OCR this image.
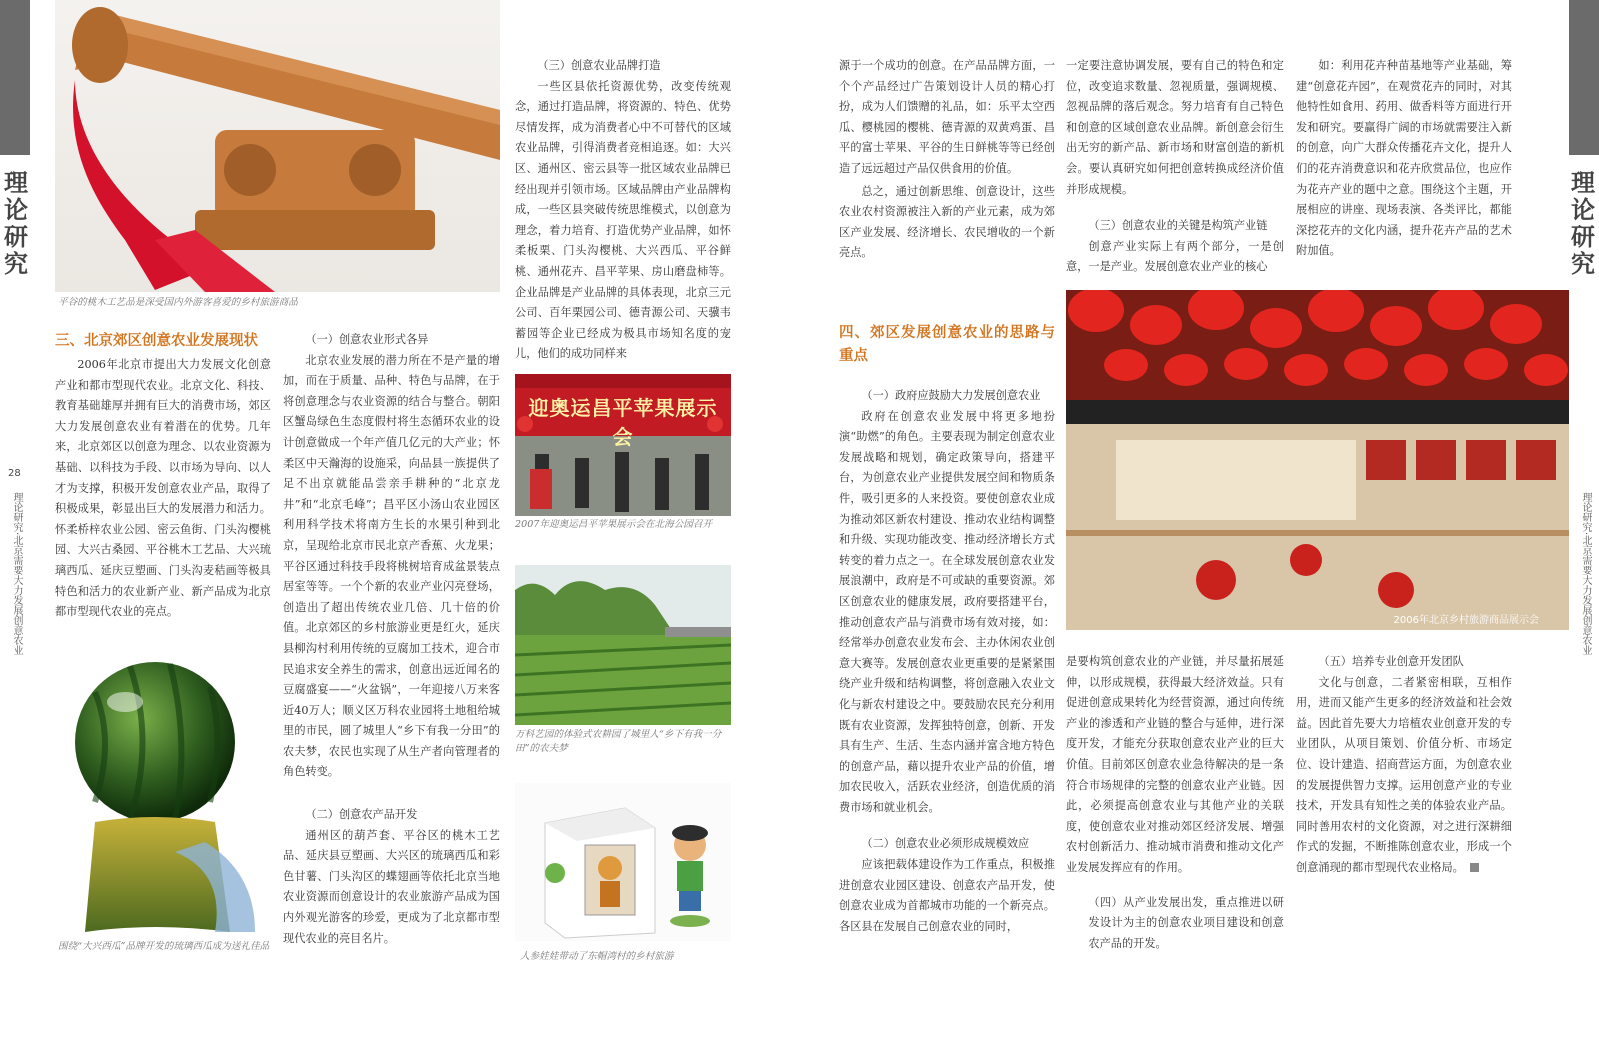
理论研究
28
理论研究·北京需要大力发展创意农业
理论研究
理论研究·北京需要大力发展创意农业
平谷的桃木工艺品是深受国内外游客喜爱的乡村旅游商品
围绕“大兴西瓜”品牌开发的琉璃西瓜成为送礼佳品
迎奥运昌平苹果展示会
2007年迎奥运昌平苹果展示会在北海公园召开
万科艺园的体验式农耕园了城里人“乡下有我一分田”的农夫梦
人参娃娃带动了东帽湾村的乡村旅游
三、北京郊区创意农业发展现状

2006年北京市提出大力发展文化创意产业和都市型现代农业。北京文化、科技、教育基础雄厚并拥有巨大的消费市场，郊区大力发展创意农业有着潜在的优势。几年来，北京郊区以创意为理念、以农业资源为基础、以科技为手段、以市场为导向、以人才为支撑，积极开发创意农业产品，取得了积极成果，彰显出巨大的发展潜力和活力。怀柔桥梓农业公园、密云鱼街、门头沟樱桃园、大兴古桑园、平谷桃木工艺品、大兴琉璃西瓜、延庆豆塑画、门头沟麦秸画等极具特色和活力的农业新产业、新产品成为北京都市型现代农业的亮点。

（一）创意农业形式各异

北京农业发展的潜力所在不是产量的增加，而在于质量、品种、特色与品牌，在于将创意理念与农业资源的结合与整合。朝阳区蟹岛绿色生态度假村将生态循环农业的设计创意做成一个年产值几亿元的大产业；怀柔区中天瀚海的设施采，向品县一族提供了足不出京就能品尝亲手耕种的“北京龙井”和“北京毛峰”；昌平区小汤山农业园区利用科学技术将南方生长的水果引种到北京，呈现给北京市民北京产香蕉、火龙果；平谷区通过科技手段将桃树培育成盆景装点居室等等。一个个新的农业产业闪亮登场，创造出了超出传统农业几倍、几十倍的价值。北京郊区的乡村旅游业更是红火，延庆县柳沟村利用传统的豆腐加工技术，迎合市民追求安全养生的需求，创意出远近闻名的豆腐盛宴——“火盆锅”，一年迎接八万来客近40万人；顺义区万科农业园将土地租给城里的市民，圆了城里人“乡下有我一分田”的农夫梦，农民也实现了从生产者向管理者的角色转变。

（二）创意农产品开发

通州区的葫芦套、平谷区的桃木工艺品、延庆县豆塑画、大兴区的琉璃西瓜和彩色甘薯、门头沟区的蝶翅画等依托北京当地农业资源而创意设计的农业旅游产品成为国内外观光游客的珍爱，更成为了北京都市型现代农业的亮目名片。

（三）创意农业品牌打造

一些区县依托资源优势，改变传统观念，通过打造品牌，将资源的、特色、优势尽情发挥，成为消费者心中不可替代的区域农业品牌，引得消费者竞相追逐。如：大兴区、通州区、密云县等一批区域农业品牌已经出现并引领市场。区域品牌由产业品牌构成，一些区县突破传统思维模式，以创意为理念，着力培育、打造优势产业品牌，如怀柔板栗、门头沟樱桃、大兴西瓜、平谷鲜桃、通州花卉、昌平苹果、房山磨盘柿等。企业品牌是产业品牌的具体表现，北京三元公司、百年栗园公司、德青源公司、天骥韦蓄园等企业已经成为极具市场知名度的宠儿，他们的成功同样来

源于一个成功的创意。在产品品牌方面，一个个产品经过广告策划设计人员的精心打扮，成为人们馈赠的礼品，如：乐平太空西瓜、樱桃园的樱桃、德青源的双黄鸡蛋、昌平的富士苹果、平谷的生日鲜桃等等已经创造了远远超过产品仅供食用的价值。

总之，通过创新思维、创意设计，这些农业农村资源被注入新的产业元素，成为郊区产业发展、经济增长、农民增收的一个新亮点。

一定要注意协调发展，要有自己的特色和定位，改变追求数量、忽视质量，强调规模、忽视品牌的落后观念。努力培育有自己特色和创意的区域创意农业品牌。新创意会衍生出无穷的新产品、新市场和财富创造的新机会。要认真研究如何把创意转换成经济价值并形成规模。

（三）创意农业的关键是构筑产业链

创意产业实际上有两个部分，一是创意，一是产业。发展创意农业产业的核心

如：利用花卉种苗基地等产业基础，筹建“创意花卉园”，在观赏花卉的同时，对其他特性如食用、药用、做香料等方面进行开发和研究。要赢得广阔的市场就需要注入新的创意，向广大群众传播花卉文化，提升人们的花卉消费意识和花卉欣赏品位，也应作为花卉产业的题中之意。围绕这个主题，开展相应的讲座、现场表演、各类评比，都能深挖花卉的文化内涵，提升花卉产品的艺术附加值。

2006年北京乡村旅游商品展示会
四、郊区发展创意农业的思路与重点
（一）政府应鼓励大力发展创意农业

政府在创意农业发展中将更多地扮演“助燃”的角色。主要表现为制定创意农业发展战略和规划，确定政策导向，搭建平台，为创意农业产业提供发展空间和物质条件，吸引更多的人来投资。要使创意农业成为推动郊区新农村建设、推动农业结构调整和升级、实现功能改变、推动经济增长方式转变的着力点之一。在全球发展创意农业发展浪潮中，政府是不可或缺的重要资源。郊区创意农业的健康发展，政府要搭建平台，推动创意农产品与消费市场有效对接，如：经常举办创意农业发布会、主办休闲农业创意大赛等。发展创意农业更重要的是紧紧围绕产业升级和结构调整，将创意融入农业文化与新农村建设之中。要鼓励农民充分利用既有农业资源，发挥独特创意，创新、开发具有生产、生活、生态内涵并富含地方特色的创意产品，藉以提升农业产品的价值，增加农民收入，活跃农业经济，创造优质的消费市场和就业机会。

（二）创意农业必须形成规模效应

应该把载体建设作为工作重点，积极推进创意农业园区建设、创意农产品开发，使创意农业成为首都城市功能的一个新亮点。各区县在发展自己创意农业的同时，

是要构筑创意农业的产业链，并尽量拓展延伸，以形成规模，获得最大经济效益。只有促进创意成果转化为经营资源，通过向传统产业的渗透和产业链的整合与延伸，进行深度开发，才能充分获取创意农业产业的巨大价值。目前郊区创意农业急待解决的是一条符合市场规律的完整的创意农业产业链。因此，必须提高创意农业与其他产业的关联度，使创意农业对推动郊区经济发展、增强农村创新活力、推动城市消费和推动文化产业发展发挥应有的作用。

（四）从产业发展出发，重点推进以研发设计为主的创意农业项目建设和创意农产品的开发。
（五）培养专业创意开发团队

文化与创意，二者紧密相联，互相作用，进而又能产生更多的经济效益和社会效益。因此首先要大力培植农业创意开发的专业团队，从项目策划、价值分析、市场定位、设计建造、招商营运方面，为创意农业的发展提供智力支撑。运用创意产业的专业技术，开发具有知性之美的体验农业产品。同时善用农村的文化资源，对之进行深耕细作式的发掘，不断推陈创意农业，形成一个创意涌现的都市型现代农业格局。
